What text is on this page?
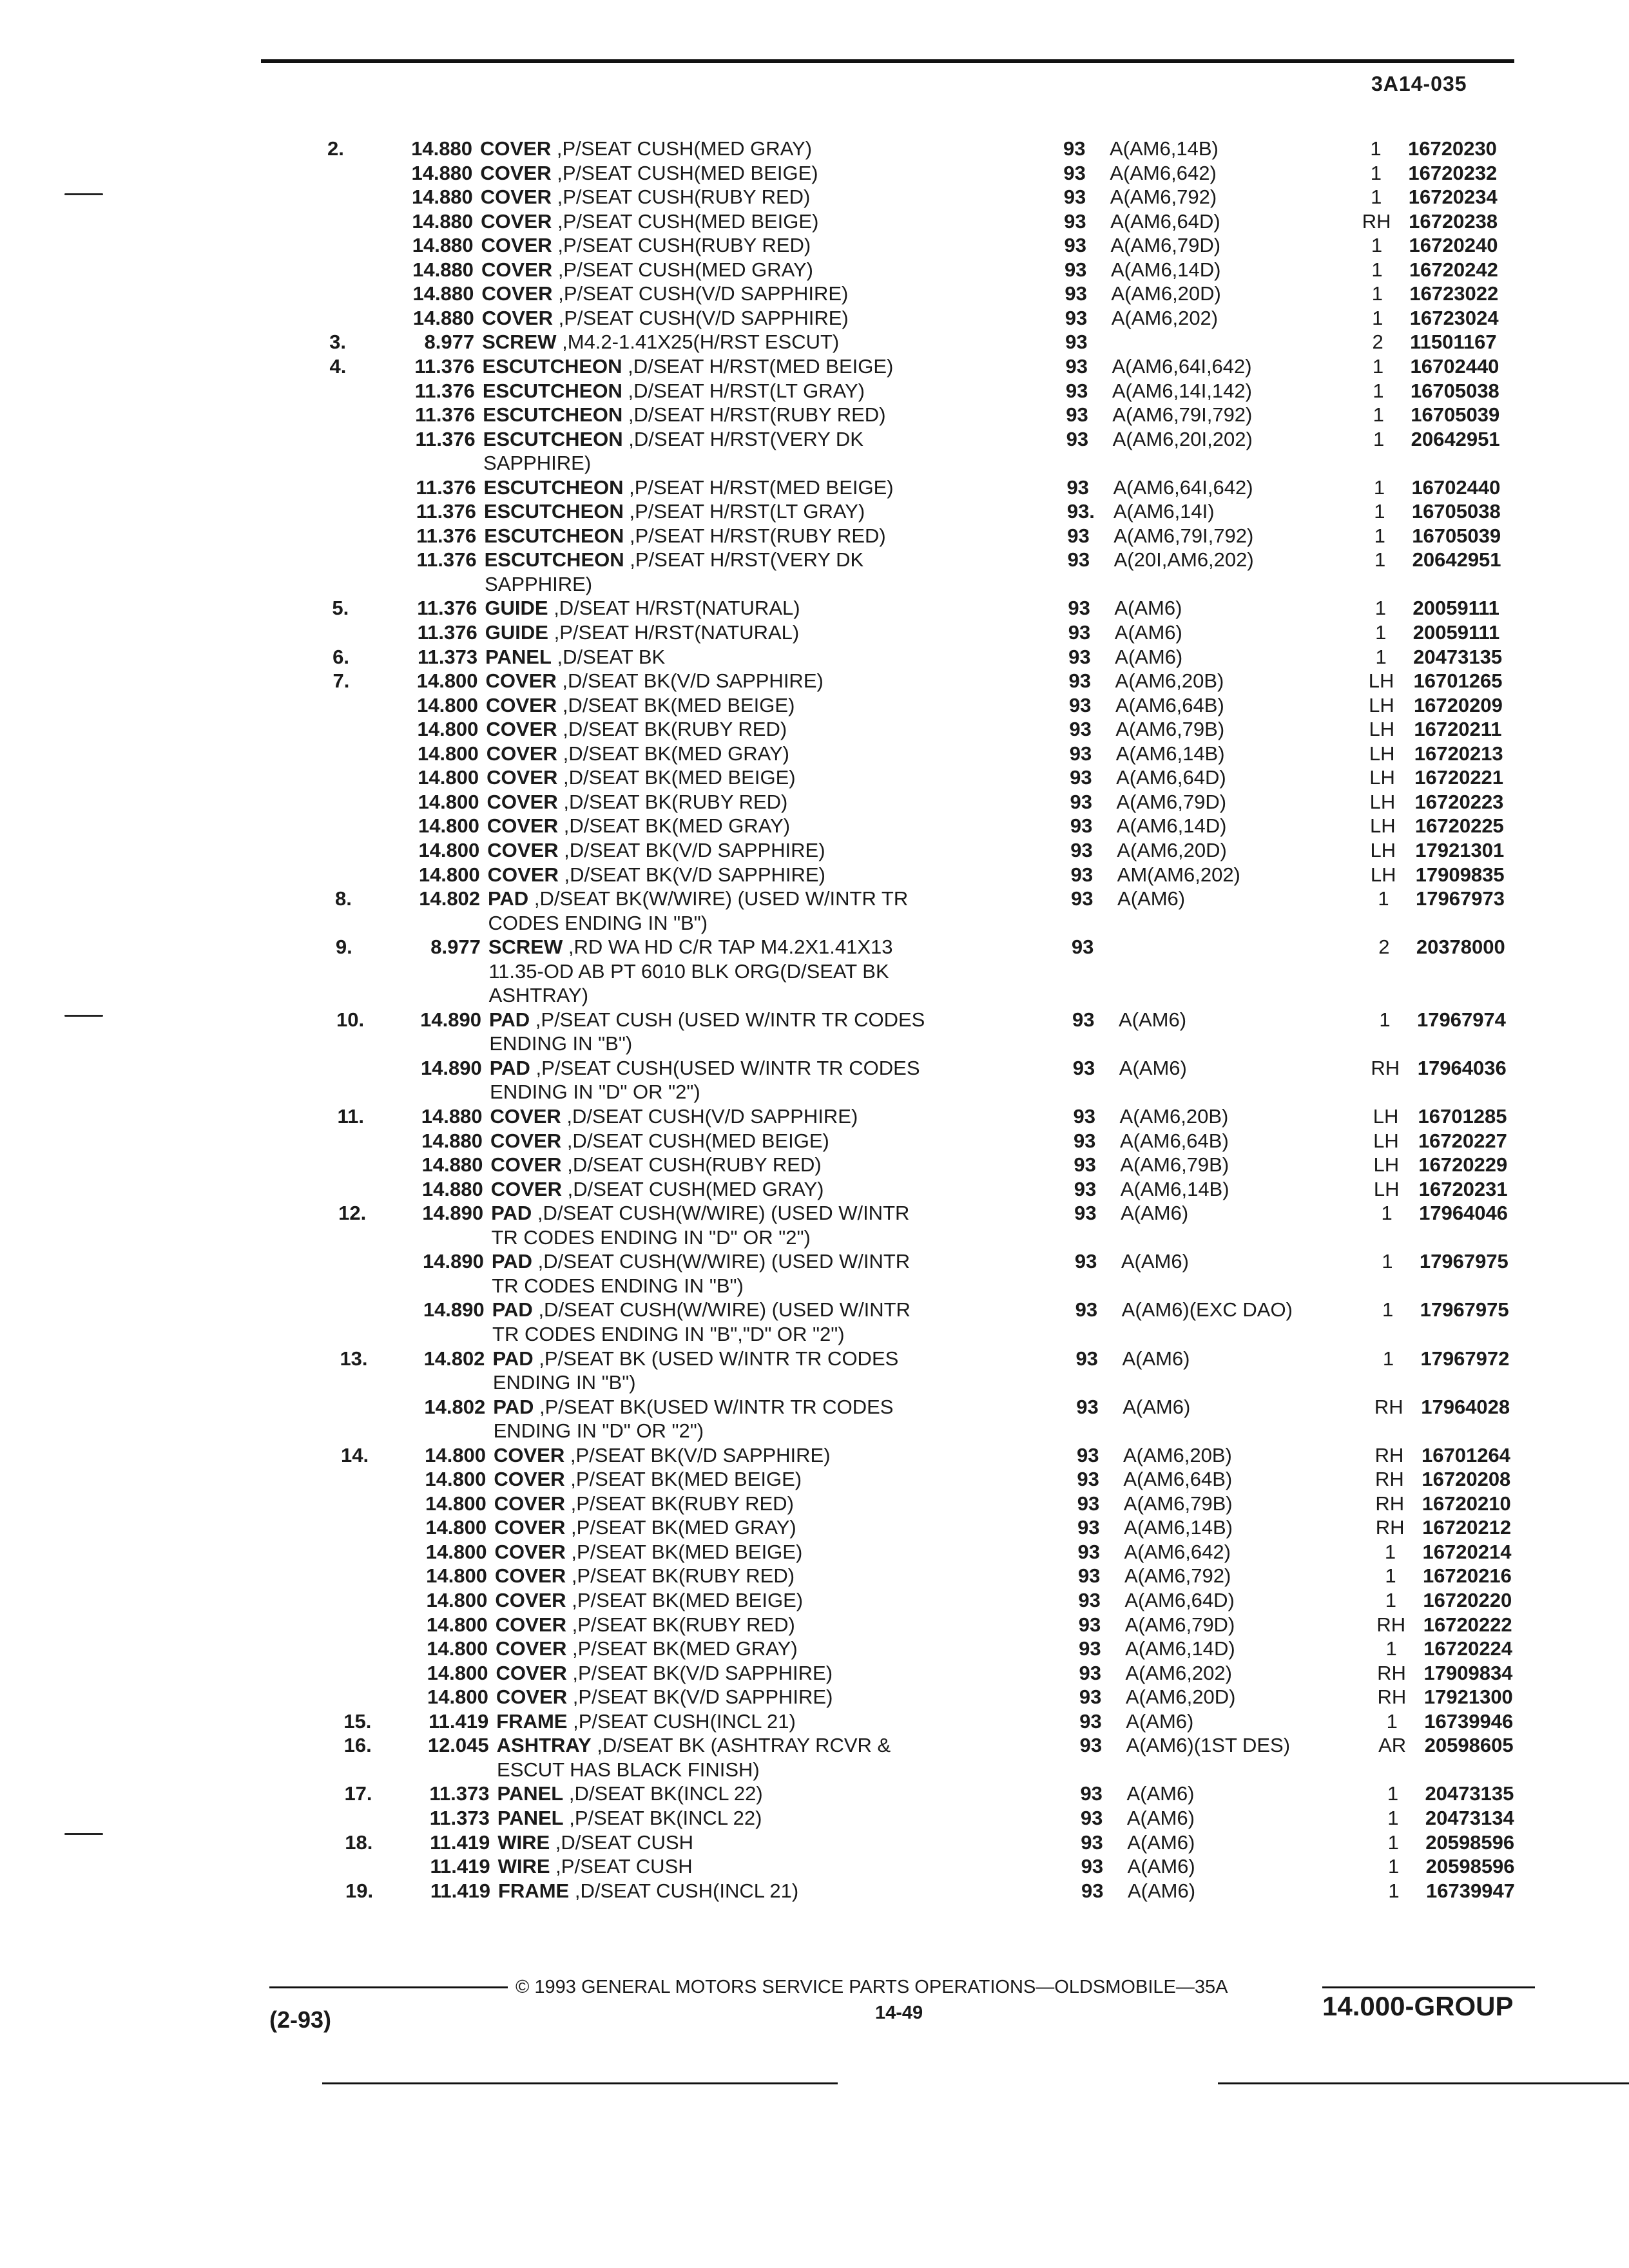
3A14-035
2.	14.880 COVER ,P/SEAT CUSH(MED GRAY)	93 A(AM6,14B)	1	16720230
14.880 COVER ,P/SEAT CUSH(MED BEIGE)	93 A(AM6,642)	1	16720232
14.880 COVER ,P/SEAT CUSH(RUBY RED)	93 A(AM6,792)	1	16720234
14.880 COVER ,P/SEAT CUSH(MED BEIGE)	93 A(AM6,64D)	RH 16720238
14.880 COVER ,P/SEAT CUSH(RUBY RED)	93 A(AM6,79D)	1	16720240
14.880 COVER ,P/SEAT CUSH(MED GRAY)	93 A(AM6,14D)	1	16720242
14.880 COVER ,P/SEAT CUSH(V/D SAPPHIRE)	93 A(AM6,20D)	1	16723022
14.880 COVER ,P/SEAT CUSH(V/D SAPPHIRE)	93 A(AM6,202)	1	16723024
3.	8.977 SCREW ,M4.2-1.41X25(H/RST ESCUT)	93	2	11501167
4.	11.376 ESCUTCHEON ,D/SEAT H/RST(MED BEIGE)	93 A(AM6,64I,642)	1	16702440
11.376 ESCUTCHEON ,D/SEAT H/RST(LT GRAY)	93 A(AM6,14I,142)	1	16705038
11.376 ESCUTCHEON ,D/SEAT H/RST(RUBY RED)	93 A(AM6,79I,792)	1	16705039
11.376 ESCUTCHEON ,D/SEAT H/RST(VERY DK	93 A(AM6,20I,202)	1	20642951
SAPPHIRE)
11.376 ESCUTCHEON ,P/SEAT H/RST(MED BEIGE)	93 A(AM6,64I,642)	1	16702440
11.376 ESCUTCHEON ,P/SEAT H/RST(LT GRAY)	93. A(AM6,14I)	1	16705038
11.376 ESCUTCHEON ,P/SEAT H/RST(RUBY RED)	93 A(AM6,79I,792)	1	16705039
11.376 ESCUTCHEON ,P/SEAT H/RST(VERY DK	93 A(20I,AM6,202)	1	20642951
SAPPHIRE)
5.	11.376 GUIDE ,D/SEAT H/RST(NATURAL)	93 A(AM6)	1	20059111
11.376 GUIDE ,P/SEAT H/RST(NATURAL)	93 A(AM6)	1	20059111
6.	11.373 PANEL ,D/SEAT BK	93 A(AM6)	1	20473135
7.	14.800 COVER ,D/SEAT BK(V/D SAPPHIRE)	93 A(AM6,20B)	LH 16701265
14.800 COVER ,D/SEAT BK(MED BEIGE)	93 A(AM6,64B)	LH 16720209
14.800 COVER ,D/SEAT BK(RUBY RED)	93 A(AM6,79B)	LH 16720211
14.800 COVER ,D/SEAT BK(MED GRAY)	93 A(AM6,14B)	LH 16720213
14.800 COVER ,D/SEAT BK(MED BEIGE)	93 A(AM6,64D)	LH 16720221
14.800 COVER ,D/SEAT BK(RUBY RED)	93 A(AM6,79D)	LH 16720223
14.800 COVER ,D/SEAT BK(MED GRAY)	93 A(AM6,14D)	LH 16720225
14.800 COVER ,D/SEAT BK(V/D SAPPHIRE)	93 A(AM6,20D)	LH 17921301
14.800 COVER ,D/SEAT BK(V/D SAPPHIRE)	93 AM(AM6,202)	LH 17909835
8.	14.802 PAD ,D/SEAT BK(W/WIRE) (USED W/INTR TR	93 A(AM6)	1	17967973
CODES ENDING IN "B")
9.	8.977 SCREW ,RD WA HD C/R TAP M4.2X1.41X13	93	2	20378000
11.35-OD AB PT 6010 BLK ORG(D/SEAT BK
ASHTRAY)
10.	14.890 PAD ,P/SEAT CUSH (USED W/INTR TR CODES	93 A(AM6)	1	17967974
ENDING IN "B")
14.890 PAD ,P/SEAT CUSH(USED W/INTR TR CODES	93 A(AM6)	RH 17964036
ENDING IN "D" OR "2")
11.	14.880 COVER ,D/SEAT CUSH(V/D SAPPHIRE)	93 A(AM6,20B)	LH 16701285
14.880 COVER ,D/SEAT CUSH(MED BEIGE)	93 A(AM6,64B)	LH 16720227
14.880 COVER ,D/SEAT CUSH(RUBY RED)	93 A(AM6,79B)	LH 16720229
14.880 COVER ,D/SEAT CUSH(MED GRAY)	93 A(AM6,14B)	LH 16720231
12.	14.890 PAD ,D/SEAT CUSH(W/WIRE) (USED W/INTR	93 A(AM6)	1	17964046
TR CODES ENDING IN "D" OR "2")
14.890 PAD ,D/SEAT CUSH(W/WIRE) (USED W/INTR	93 A(AM6)	1	17967975
TR CODES ENDING IN "B")
14.890 PAD ,D/SEAT CUSH(W/WIRE) (USED W/INTR	93 A(AM6)(EXC DAO)	1	17967975
TR CODES ENDING IN "B","D" OR "2")
13.	14.802 PAD ,P/SEAT BK (USED W/INTR TR CODES	93 A(AM6)	1	17967972
ENDING IN "B")
14.802 PAD ,P/SEAT BK(USED W/INTR TR CODES	93 A(AM6)	RH 17964028
ENDING IN "D" OR "2")
14.	14.800 COVER ,P/SEAT BK(V/D SAPPHIRE)	93 A(AM6,20B)	RH 16701264
14.800 COVER ,P/SEAT BK(MED BEIGE)	93 A(AM6,64B)	RH 16720208
14.800 COVER ,P/SEAT BK(RUBY RED)	93 A(AM6,79B)	RH 16720210
14.800 COVER ,P/SEAT BK(MED GRAY)	93 A(AM6,14B)	RH 16720212
14.800 COVER ,P/SEAT BK(MED BEIGE)	93 A(AM6,642)	1	16720214
14.800 COVER ,P/SEAT BK(RUBY RED)	93 A(AM6,792)	1	16720216
14.800 COVER ,P/SEAT BK(MED BEIGE)	93 A(AM6,64D)	1	16720220
14.800 COVER ,P/SEAT BK(RUBY RED)	93 A(AM6,79D)	RH 16720222
14.800 COVER ,P/SEAT BK(MED GRAY)	93 A(AM6,14D)	1	16720224
14.800 COVER ,P/SEAT BK(V/D SAPPHIRE)	93 A(AM6,202)	RH 17909834
14.800 COVER ,P/SEAT BK(V/D SAPPHIRE)	93 A(AM6,20D)	RH 17921300
15.	11.419 FRAME ,P/SEAT CUSH(INCL 21)	93 A(AM6)	1	16739946
16.	12.045 ASHTRAY ,D/SEAT BK (ASHTRAY RCVR &	93 A(AM6)(1ST DES)	AR 20598605
ESCUT HAS BLACK FINISH)
17.	11.373 PANEL ,D/SEAT BK(INCL 22)	93 A(AM6)	1	20473135
11.373 PANEL ,P/SEAT BK(INCL 22)	93 A(AM6)	1	20473134
18.	11.419 WIRE ,D/SEAT CUSH	93 A(AM6)	1	20598596
11.419 WIRE ,P/SEAT CUSH	93 A(AM6)	1	20598596
19.	11.419 FRAME ,D/SEAT CUSH(INCL 21)	93 A(AM6)	1	16739947
© 1993 GENERAL MOTORS SERVICE PARTS OPERATIONS—OLDSMOBILE—35A
14-49
(2-93)	14.000-GROUP
